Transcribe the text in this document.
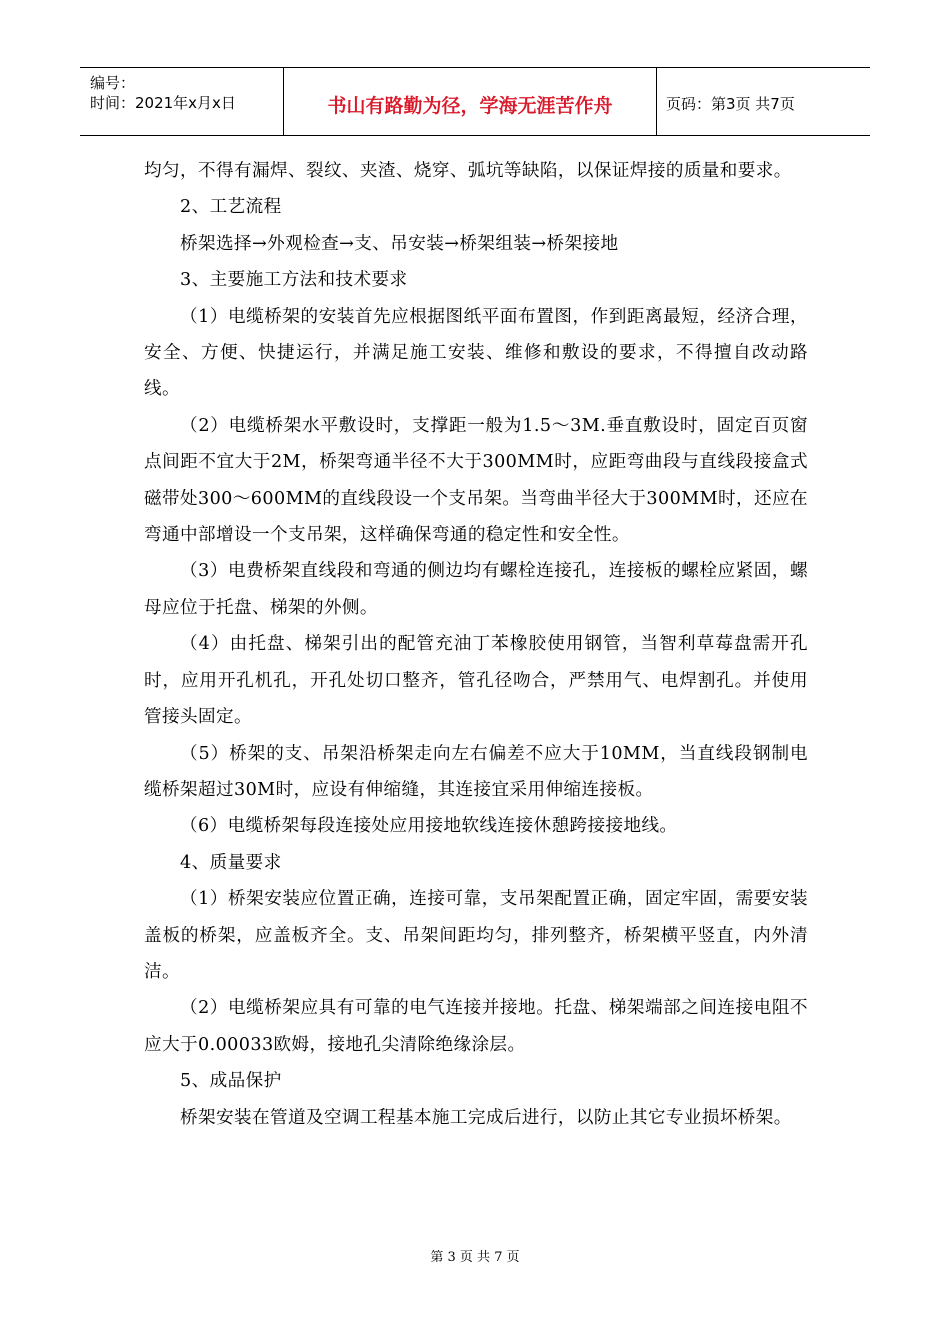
编号：
时间：2021年x月x日	书山有路勤为径，学海无涯苦作舟	页码：第3页 共7页

均匀，不得有漏焊、裂纹、夹渣、烧穿、弧坑等缺陷，以保证焊接的质量和要求。

2、工艺流程

桥架选择→外观检查→支、吊安装→桥架组装→桥架接地

3、主要施工方法和技术要求

（1）电缆桥架的安装首先应根据图纸平面布置图，作到距离最短，经济合理，安全、方便、快捷运行，并满足施工安装、维修和敷设的要求，不得擅自改动路线。

（2）电缆桥架水平敷设时，支撑距一般为1.5～3M.垂直敷设时，固定百页窗点间距不宜大于2M，桥架弯通半径不大于300MM时，应距弯曲段与直线段接盒式磁带处300～600MM的直线段设一个支吊架。当弯曲半径大于300MM时，还应在弯通中部增设一个支吊架，这样确保弯通的稳定性和安全性。

（3）电费桥架直线段和弯通的侧边均有螺栓连接孔，连接板的螺栓应紧固，螺母应位于托盘、梯架的外侧。

（4）由托盘、梯架引出的配管充油丁苯橡胶使用钢管，当智利草莓盘需开孔时，应用开孔机孔，开孔处切口整齐，管孔径吻合，严禁用气、电焊割孔。并使用管接头固定。

（5）桥架的支、吊架沿桥架走向左右偏差不应大于10MM，当直线段钢制电缆桥架超过30M时，应设有伸缩缝，其连接宜采用伸缩连接板。

（6）电缆桥架每段连接处应用接地软线连接休憩跨接接地线。

4、质量要求

（1）桥架安装应位置正确，连接可靠，支吊架配置正确，固定牢固，需要安装盖板的桥架，应盖板齐全。支、吊架间距均匀，排列整齐，桥架横平竖直，内外清洁。

（2）电缆桥架应具有可靠的电气连接并接地。托盘、梯架端部之间连接电阻不应大于0.00033欧姆，接地孔尖清除绝缘涂层。

5、成品保护

桥架安装在管道及空调工程基本施工完成后进行，以防止其它专业损坏桥架。

第 3 页 共 7 页
